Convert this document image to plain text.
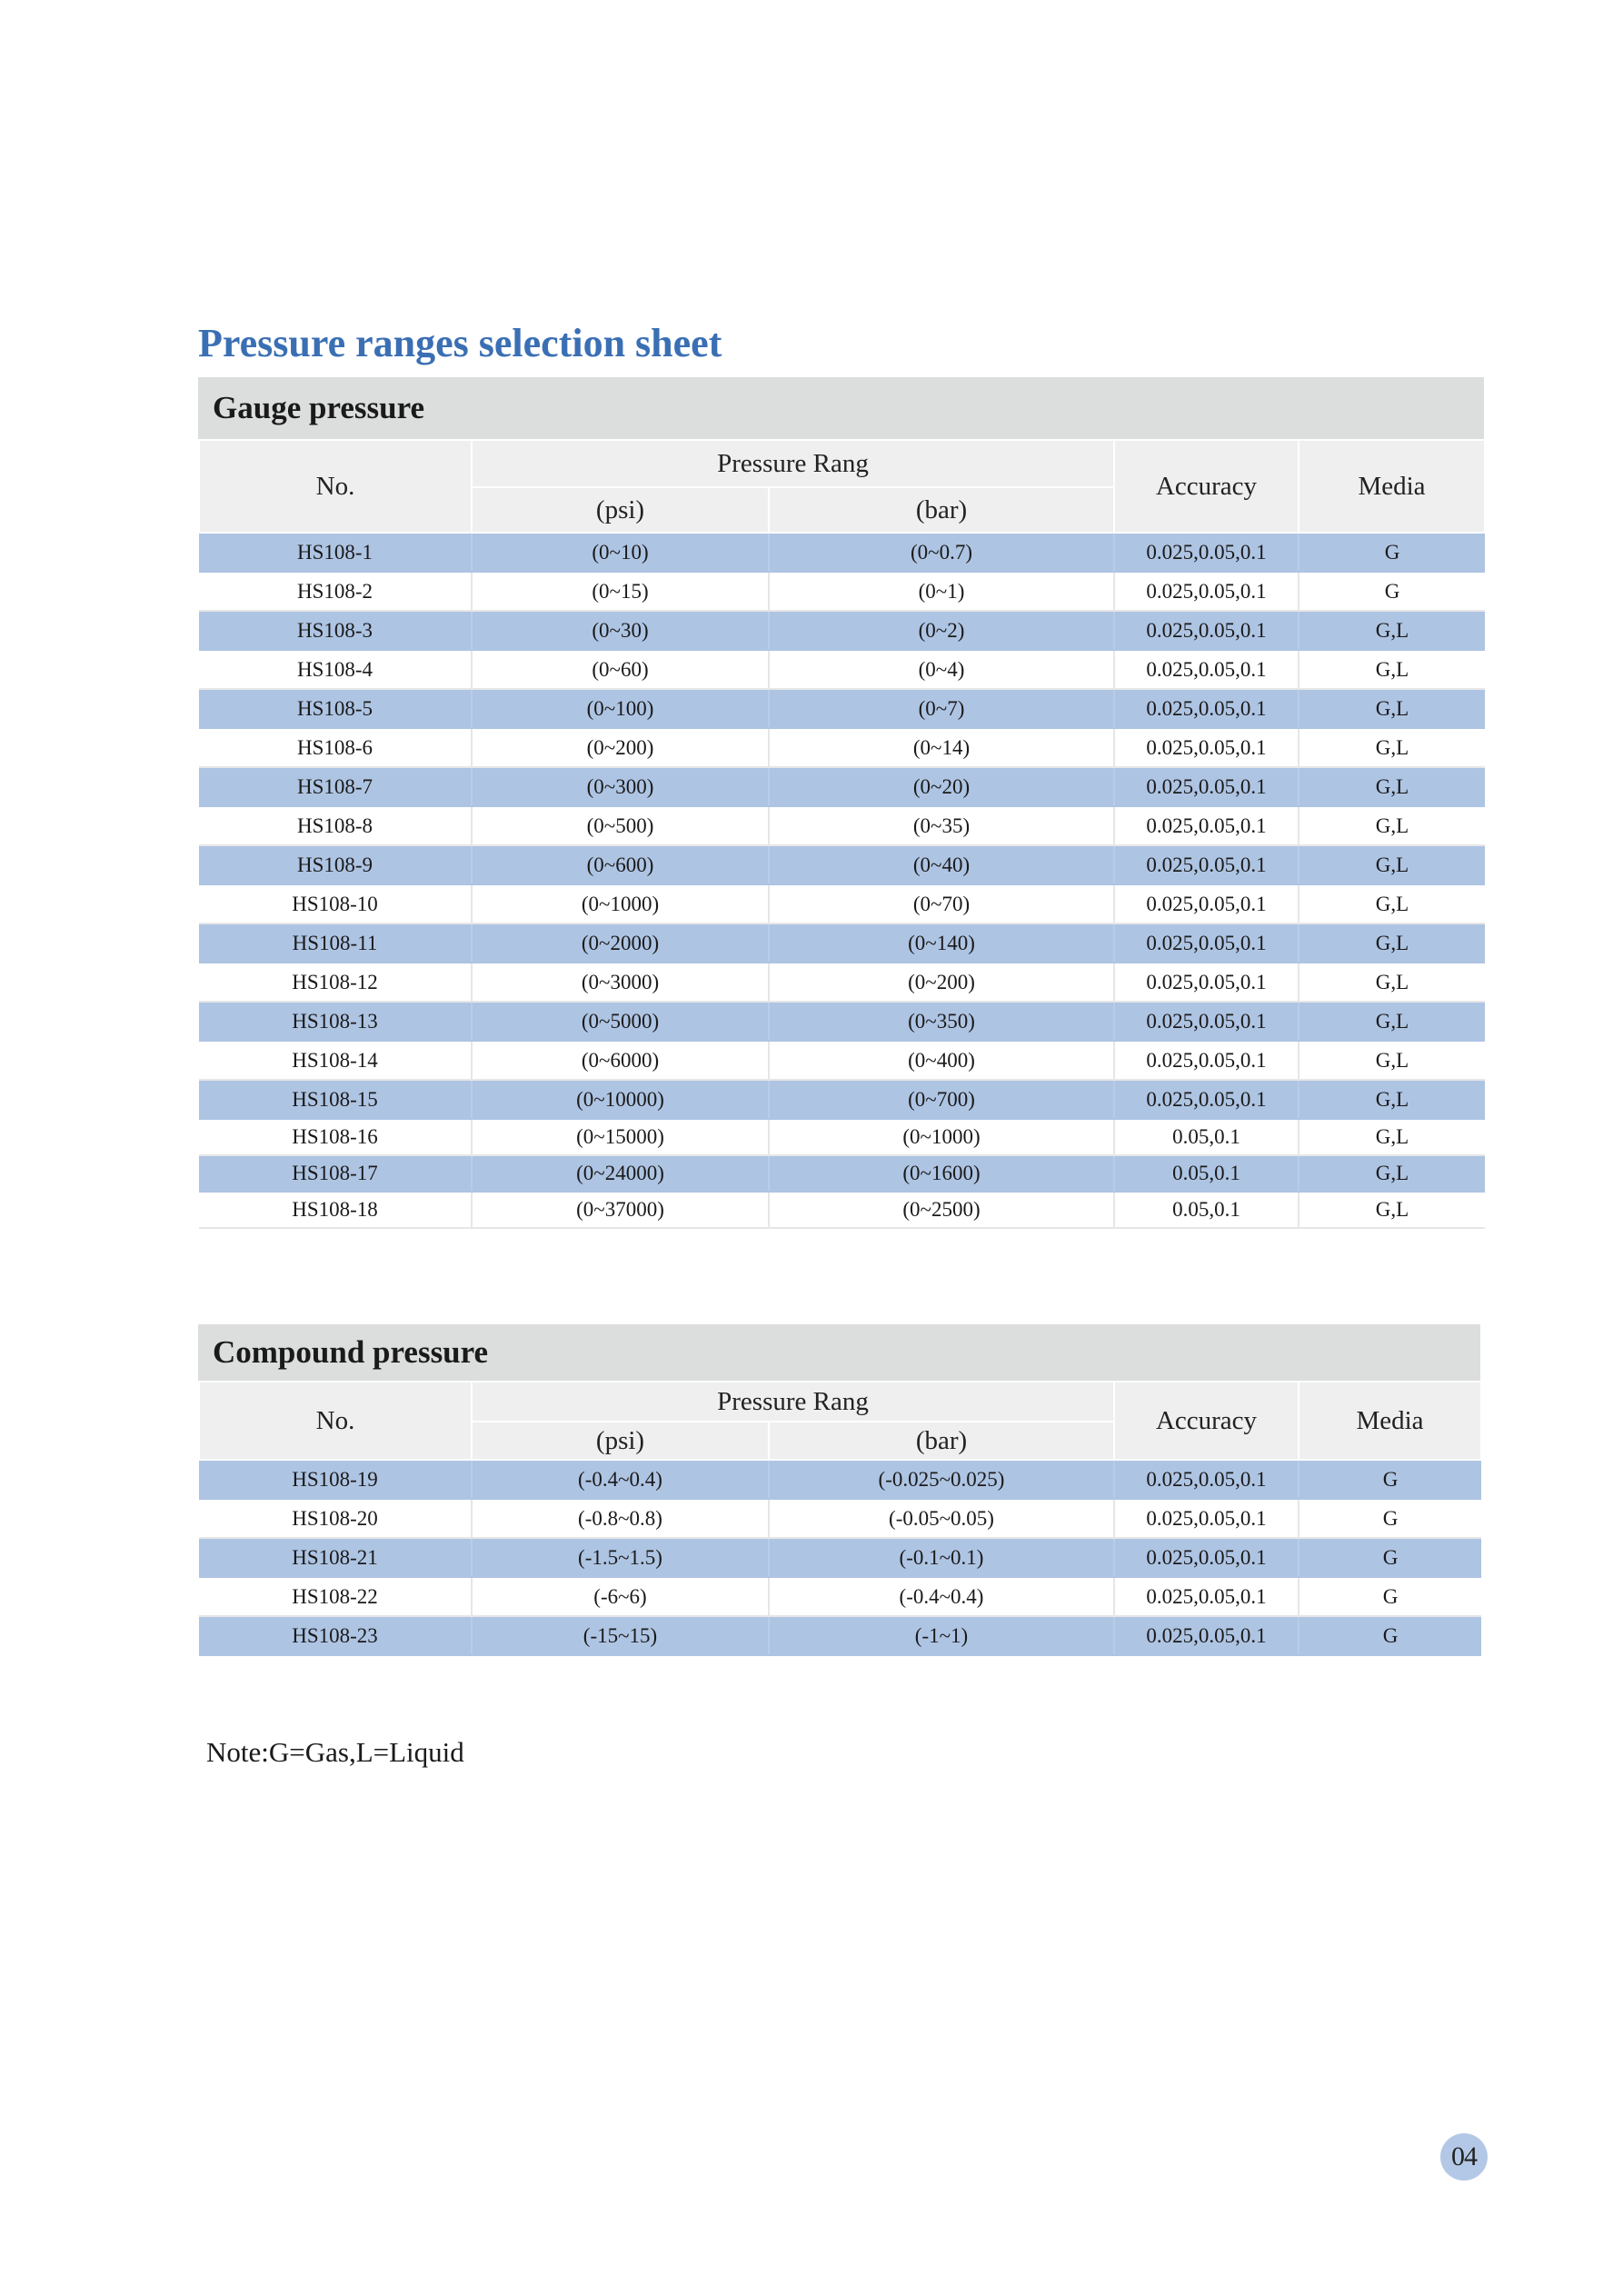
Pressure ranges selection sheet
Gauge pressure
No.	Pressure Rang		Accuracy	Media
	(psi)	(bar)		
HS108-1	(0~10)	(0~0.7)	0.025,0.05,0.1	G
HS108-2	(0~15)	(0~1)	0.025,0.05,0.1	G
HS108-3	(0~30)	(0~2)	0.025,0.05,0.1	G,L
HS108-4	(0~60)	(0~4)	0.025,0.05,0.1	G,L
HS108-5	(0~100)	(0~7)	0.025,0.05,0.1	G,L
HS108-6	(0~200)	(0~14)	0.025,0.05,0.1	G,L
HS108-7	(0~300)	(0~20)	0.025,0.05,0.1	G,L
HS108-8	(0~500)	(0~35)	0.025,0.05,0.1	G,L
HS108-9	(0~600)	(0~40)	0.025,0.05,0.1	G,L
HS108-10	(0~1000)	(0~70)	0.025,0.05,0.1	G,L
HS108-11	(0~2000)	(0~140)	0.025,0.05,0.1	G,L
HS108-12	(0~3000)	(0~200)	0.025,0.05,0.1	G,L
HS108-13	(0~5000)	(0~350)	0.025,0.05,0.1	G,L
HS108-14	(0~6000)	(0~400)	0.025,0.05,0.1	G,L
HS108-15	(0~10000)	(0~700)	0.025,0.05,0.1	G,L
HS108-16	(0~15000)	(0~1000)	0.05,0.1	G,L
HS108-17	(0~24000)	(0~1600)	0.05,0.1	G,L
HS108-18	(0~37000)	(0~2500)	0.05,0.1	G,L
Compound pressure
No.	Pressure Rang		Accuracy	Media
	(psi)	(bar)		
HS108-19	(-0.4~0.4)	(-0.025~0.025)	0.025,0.05,0.1	G
HS108-20	(-0.8~0.8)	(-0.05~0.05)	0.025,0.05,0.1	G
HS108-21	(-1.5~1.5)	(-0.1~0.1)	0.025,0.05,0.1	G
HS108-22	(-6~6)	(-0.4~0.4)	0.025,0.05,0.1	G
HS108-23	(-15~15)	(-1~1)	0.025,0.05,0.1	G
Note:G=Gas,L=Liquid
04
